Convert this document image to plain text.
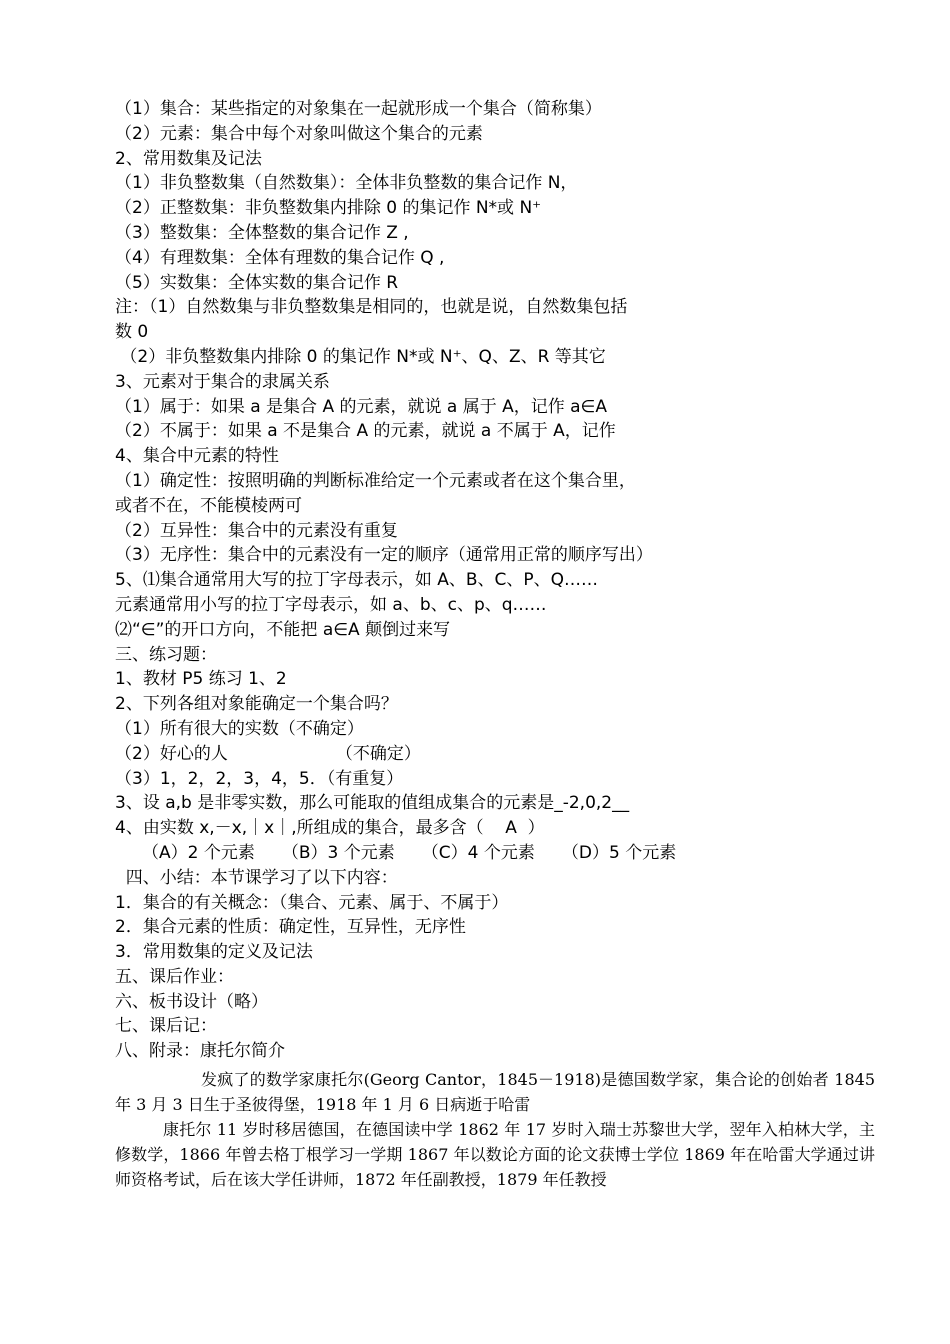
（1）集合：某些指定的对象集在一起就形成一个集合（简称集）
（2）元素：集合中每个对象叫做这个集合的元素
2、常用数集及记法
（1）非负整数集（自然数集）：全体非负整数的集合记作 N，
（2）正整数集：非负整数集内排除 0 的集记作 N*或 N⁺
（3）整数集：全体整数的集合记作 Z ,
（4）有理数集：全体有理数的集合记作 Q ,
（5）实数集：全体实数的集合记作 R
注：（1）自然数集与非负整数集是相同的，也就是说，自然数集包括
数 0
（2）非负整数集内排除 0 的集记作 N*或 N⁺、Q、Z、R 等其它
3、元素对于集合的隶属关系
（1）属于：如果 a 是集合 A 的元素，就说 a 属于 A，记作 a∈A
（2）不属于：如果 a 不是集合 A 的元素，就说 a 不属于 A，记作
4、集合中元素的特性
（1）确定性：按照明确的判断标准给定一个元素或者在这个集合里，
或者不在，不能模棱两可
（2）互异性：集合中的元素没有重复
（3）无序性：集合中的元素没有一定的顺序（通常用正常的顺序写出）
5、⑴集合通常用大写的拉丁字母表示，如 A、B、C、P、Q……
元素通常用小写的拉丁字母表示，如 a、b、c、p、q……
⑵“∈”的开口方向，不能把 a∈A 颠倒过来写
三、练习题：
1、教材 P5 练习 1、2
2、下列各组对象能确定一个集合吗？
（1）所有很大的实数（不确定）
（2）好心的人                    （不确定）
（3）1，2，2，3，4，5．（有重复）
3、设 a,b 是非零实数，那么可能取的值组成集合的元素是_-2,0,2__
4、由实数 x,－x,｜x｜,所组成的集合，最多含（    A  ）
（A）2 个元素     （B）3 个元素     （C）4 个元素     （D）5 个元素
四、小结：本节课学习了以下内容：
1．集合的有关概念：（集合、元素、属于、不属于）
2．集合元素的性质：确定性，互异性，无序性
3．常用数集的定义及记法
五、课后作业：
六、板书设计（略）
七、课后记：
八、附录：康托尔简介

发疯了的数学家康托尔(Georg Cantor，1845－1918)是德国数学家，集合论的创始者 1845 年 3 月 3 日生于圣彼得堡，1918 年 1 月 6 日病逝于哈雷

康托尔 11 岁时移居德国，在德国读中学 1862 年 17 岁时入瑞士苏黎世大学，翌年入柏林大学，主修数学，1866 年曾去格丁根学习一学期 1867 年以数论方面的论文获博士学位 1869 年在哈雷大学通过讲师资格考试，后在该大学任讲师，1872 年任副教授，1879 年任教授
